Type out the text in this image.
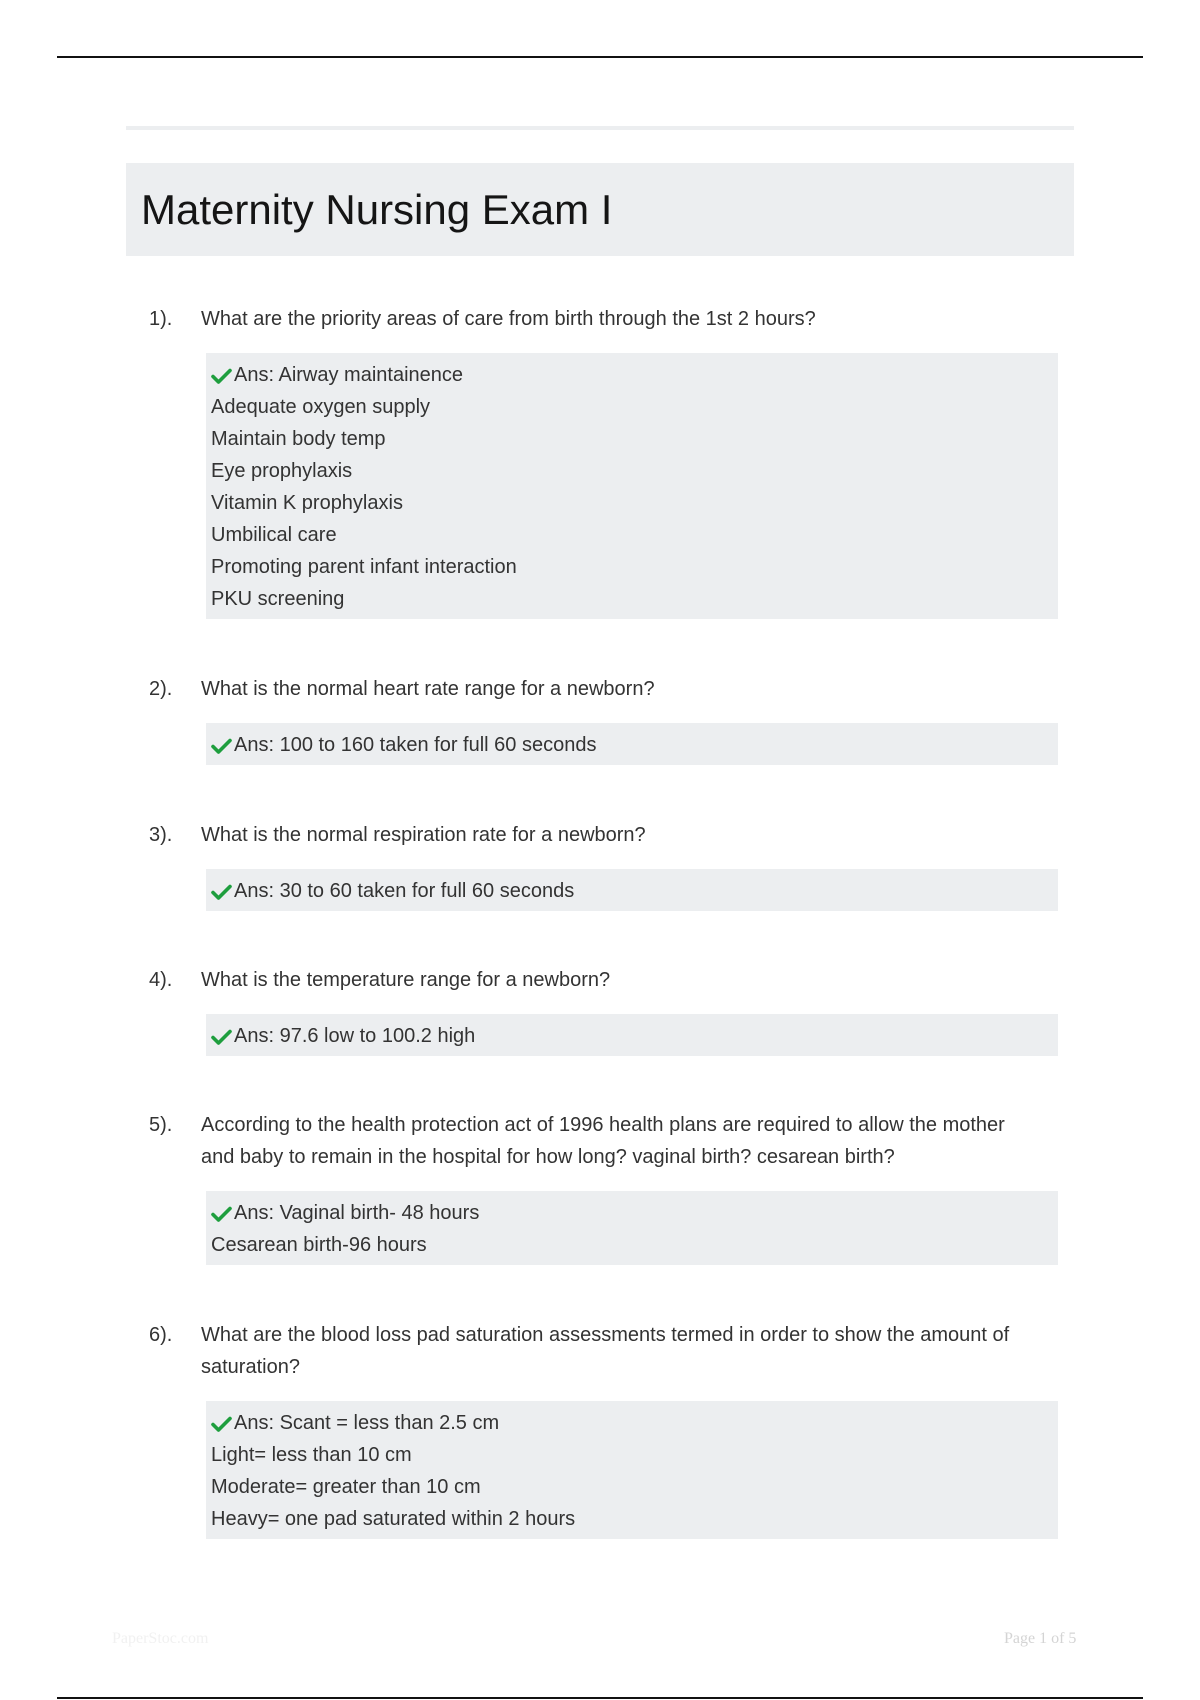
Maternity Nursing Exam I
1).	What are the priority areas of care from birth through the 1st 2 hours?
Ans: Airway maintainence
Adequate oxygen supply
Maintain body temp
Eye prophylaxis
Vitamin K prophylaxis
Umbilical care
Promoting parent infant interaction
PKU screening
2).	What is the normal heart rate range for a newborn?
Ans: 100 to 160 taken for full 60 seconds
3).	What is the normal respiration rate for a newborn?
Ans: 30 to 60 taken for full 60 seconds
4).	What is the temperature range for a newborn?
Ans: 97.6 low to 100.2 high
5).	According to the health protection act of 1996 health plans are required to allow the mother
and baby to remain in the hospital for how long? vaginal birth? cesarean birth?
Ans: Vaginal birth- 48 hours
Cesarean birth-96 hours
6).	What are the blood loss pad saturation assessments termed in order to show the amount of
saturation?
Ans: Scant = less than 2.5 cm
Light= less than 10 cm
Moderate= greater than 10 cm
Heavy= one pad saturated within 2 hours
PaperStoc.com	Page 1 of 5
